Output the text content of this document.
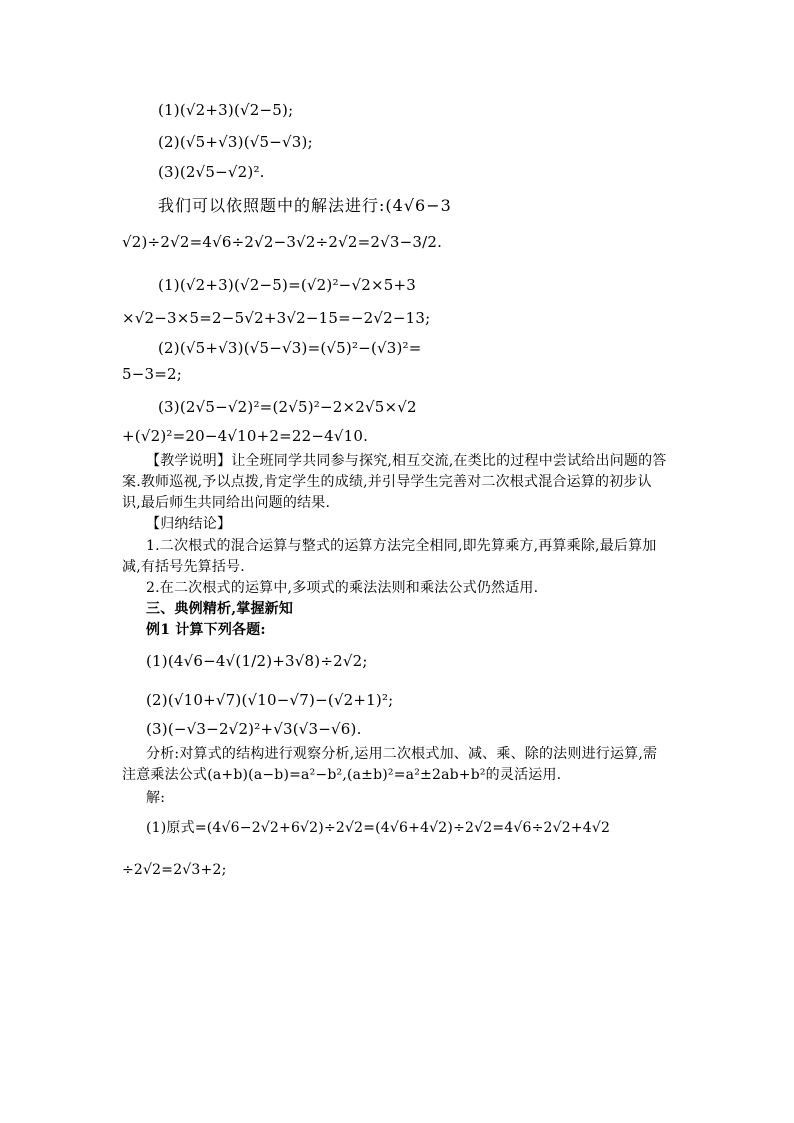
(1)(√2+3)(√2−5);
(2)(√5+√3)(√5−√3);
(3)(2√5−√2)².
我们可以依照题中的解法进行:(4√6−3
√2)÷2√2=4√6÷2√2−3√2÷2√2=2√3−3/2.
(1)(√2+3)(√2−5)=(√2)²−√2×5+3
×√2−3×5=2−5√2+3√2−15=−2√2−13;
(2)(√5+√3)(√5−√3)=(√5)²−(√3)²=
5−3=2;
(3)(2√5−√2)²=(2√5)²−2×2√5×√2
+(√2)²=20−4√10+2=22−4√10.
【教学说明】让全班同学共同参与探究,相互交流,在类比的过程中尝试给出问题的答
案.教师巡视,予以点拨,肯定学生的成绩,并引导学生完善对二次根式混合运算的初步认
识,最后师生共同给出问题的结果.
【归纳结论】
1.二次根式的混合运算与整式的运算方法完全相同,即先算乘方,再算乘除,最后算加
减,有括号先算括号.
2.在二次根式的运算中,多项式的乘法法则和乘法公式仍然适用.
三、典例精析,掌握新知
例1 计算下列各题:
(1)(4√6−4√(1/2)+3√8)÷2√2;
(2)(√10+√7)(√10−√7)−(√2+1)²;
(3)(−√3−2√2)²+√3(√3−√6).
分析:对算式的结构进行观察分析,运用二次根式加、减、乘、除的法则进行运算,需
注意乘法公式(a+b)(a−b)=a²−b²,(a±b)²=a²±2ab+b²的灵活运用.
解:
(1)原式=(4√6−2√2+6√2)÷2√2=(4√6+4√2)÷2√2=4√6÷2√2+4√2
÷2√2=2√3+2;
